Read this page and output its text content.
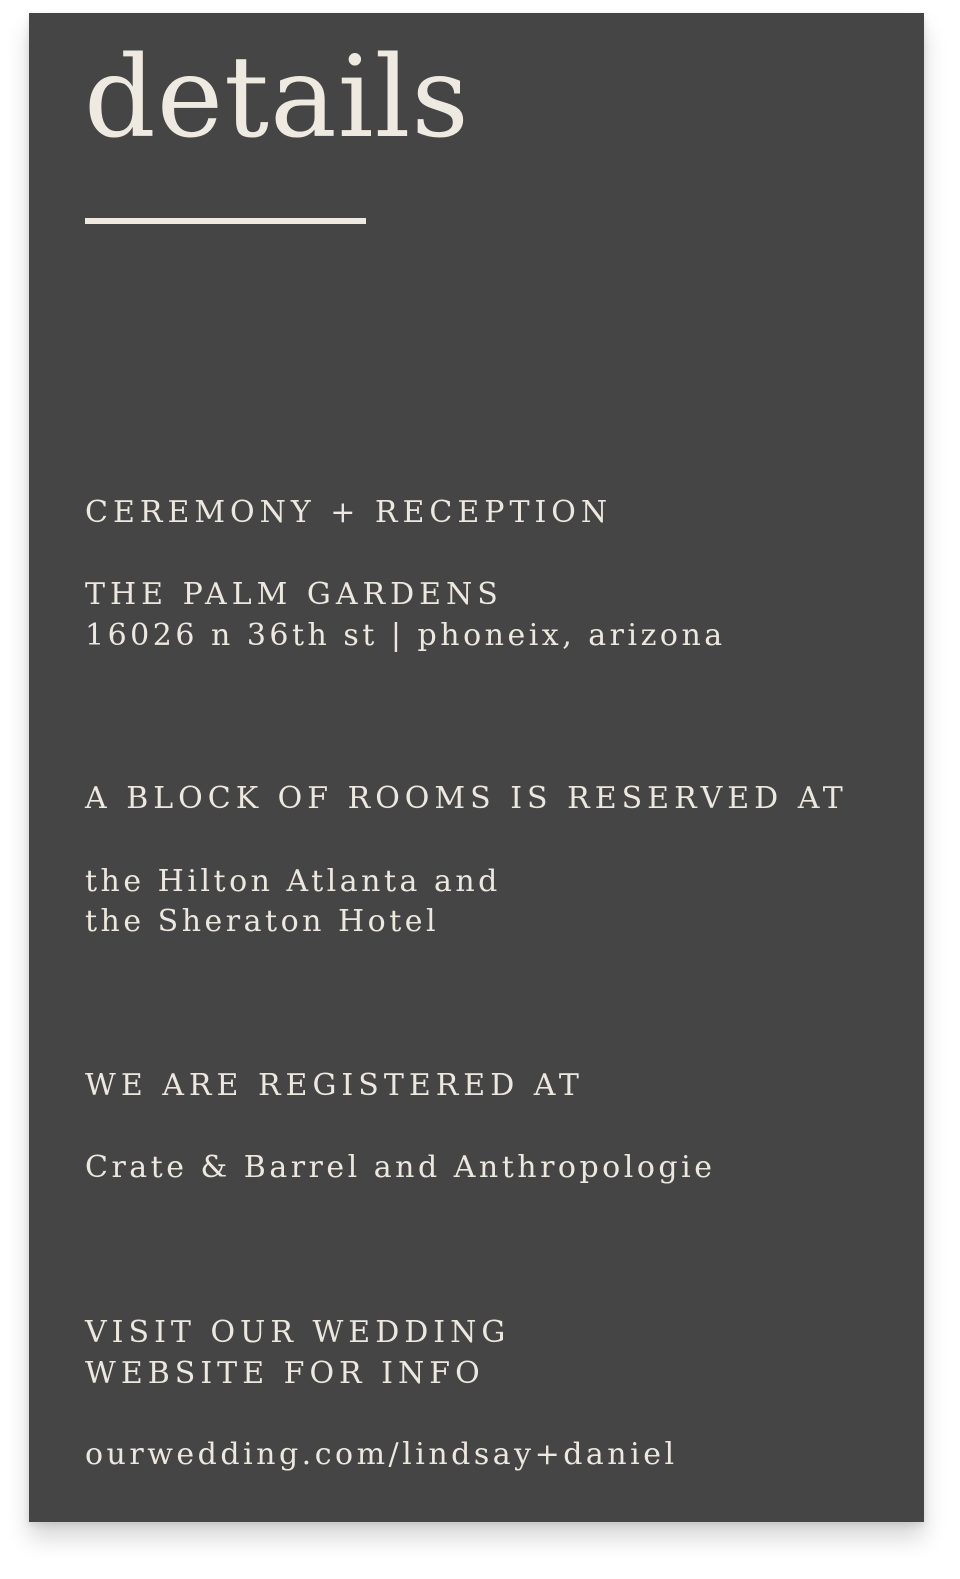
details

CEREMONY + RECEPTION

THE PALM GARDENS

16026 n 36th st | phoneix, arizona

A BLOCK OF ROOMS IS RESERVED AT

the Hilton Atlanta and

the Sheraton Hotel

WE ARE REGISTERED AT

Crate & Barrel and Anthropologie

VISIT OUR WEDDING

WEBSITE FOR INFO

ourwedding.com/lindsay+daniel
